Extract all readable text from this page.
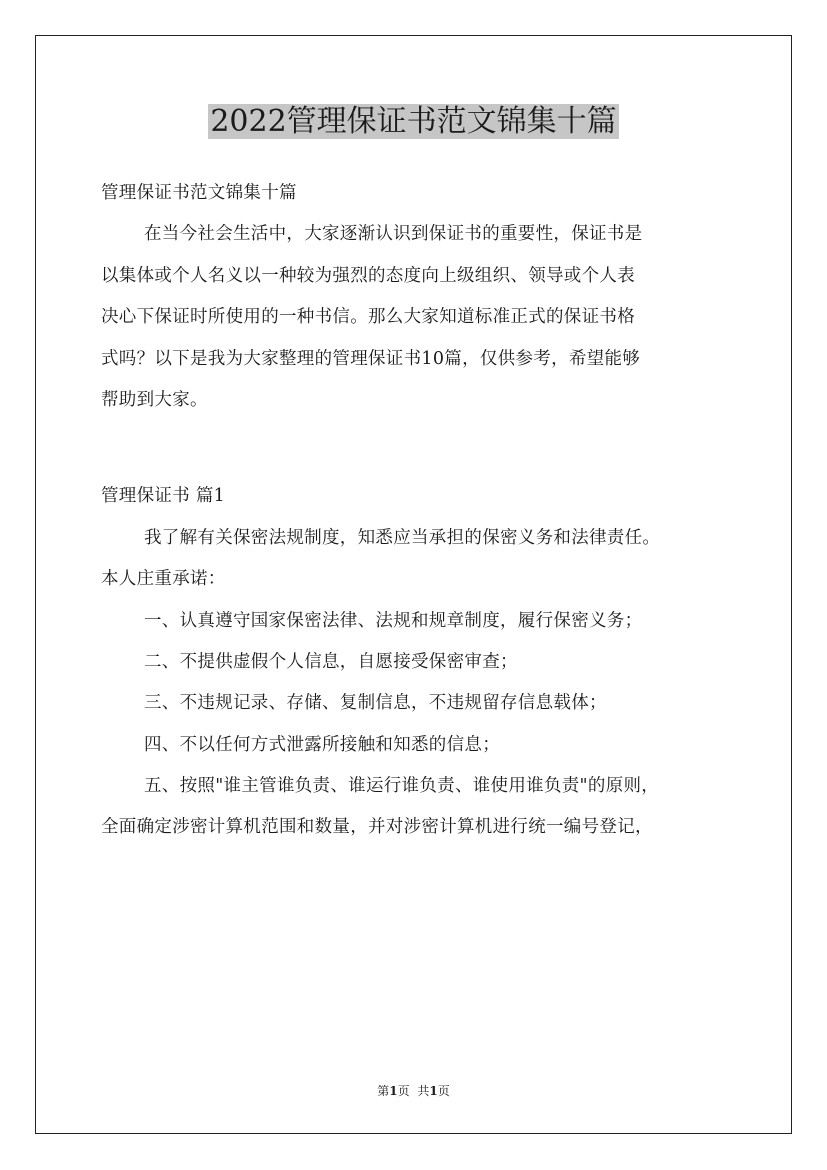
2022管理保证书范文锦集十篇
管理保证书范文锦集十篇
在当今社会生活中，大家逐渐认识到保证书的重要性，保证书是
以集体或个人名义以一种较为强烈的态度向上级组织、领导或个人表
决心下保证时所使用的一种书信。那么大家知道标准正式的保证书格
式吗？以下是我为大家整理的管理保证书10篇，仅供参考，希望能够
帮助到大家。
管理保证书 篇1
我了解有关保密法规制度，知悉应当承担的保密义务和法律责任。
本人庄重承诺：
一、认真遵守国家保密法律、法规和规章制度，履行保密义务；
二、不提供虚假个人信息，自愿接受保密审查；
三、不违规记录、存储、复制信息，不违规留存信息载体；
四、不以任何方式泄露所接触和知悉的信息；
五、按照"谁主管谁负责、谁运行谁负责、谁使用谁负责"的原则，
全面确定涉密计算机范围和数量，并对涉密计算机进行统一编号登记，
第1页 共1页
